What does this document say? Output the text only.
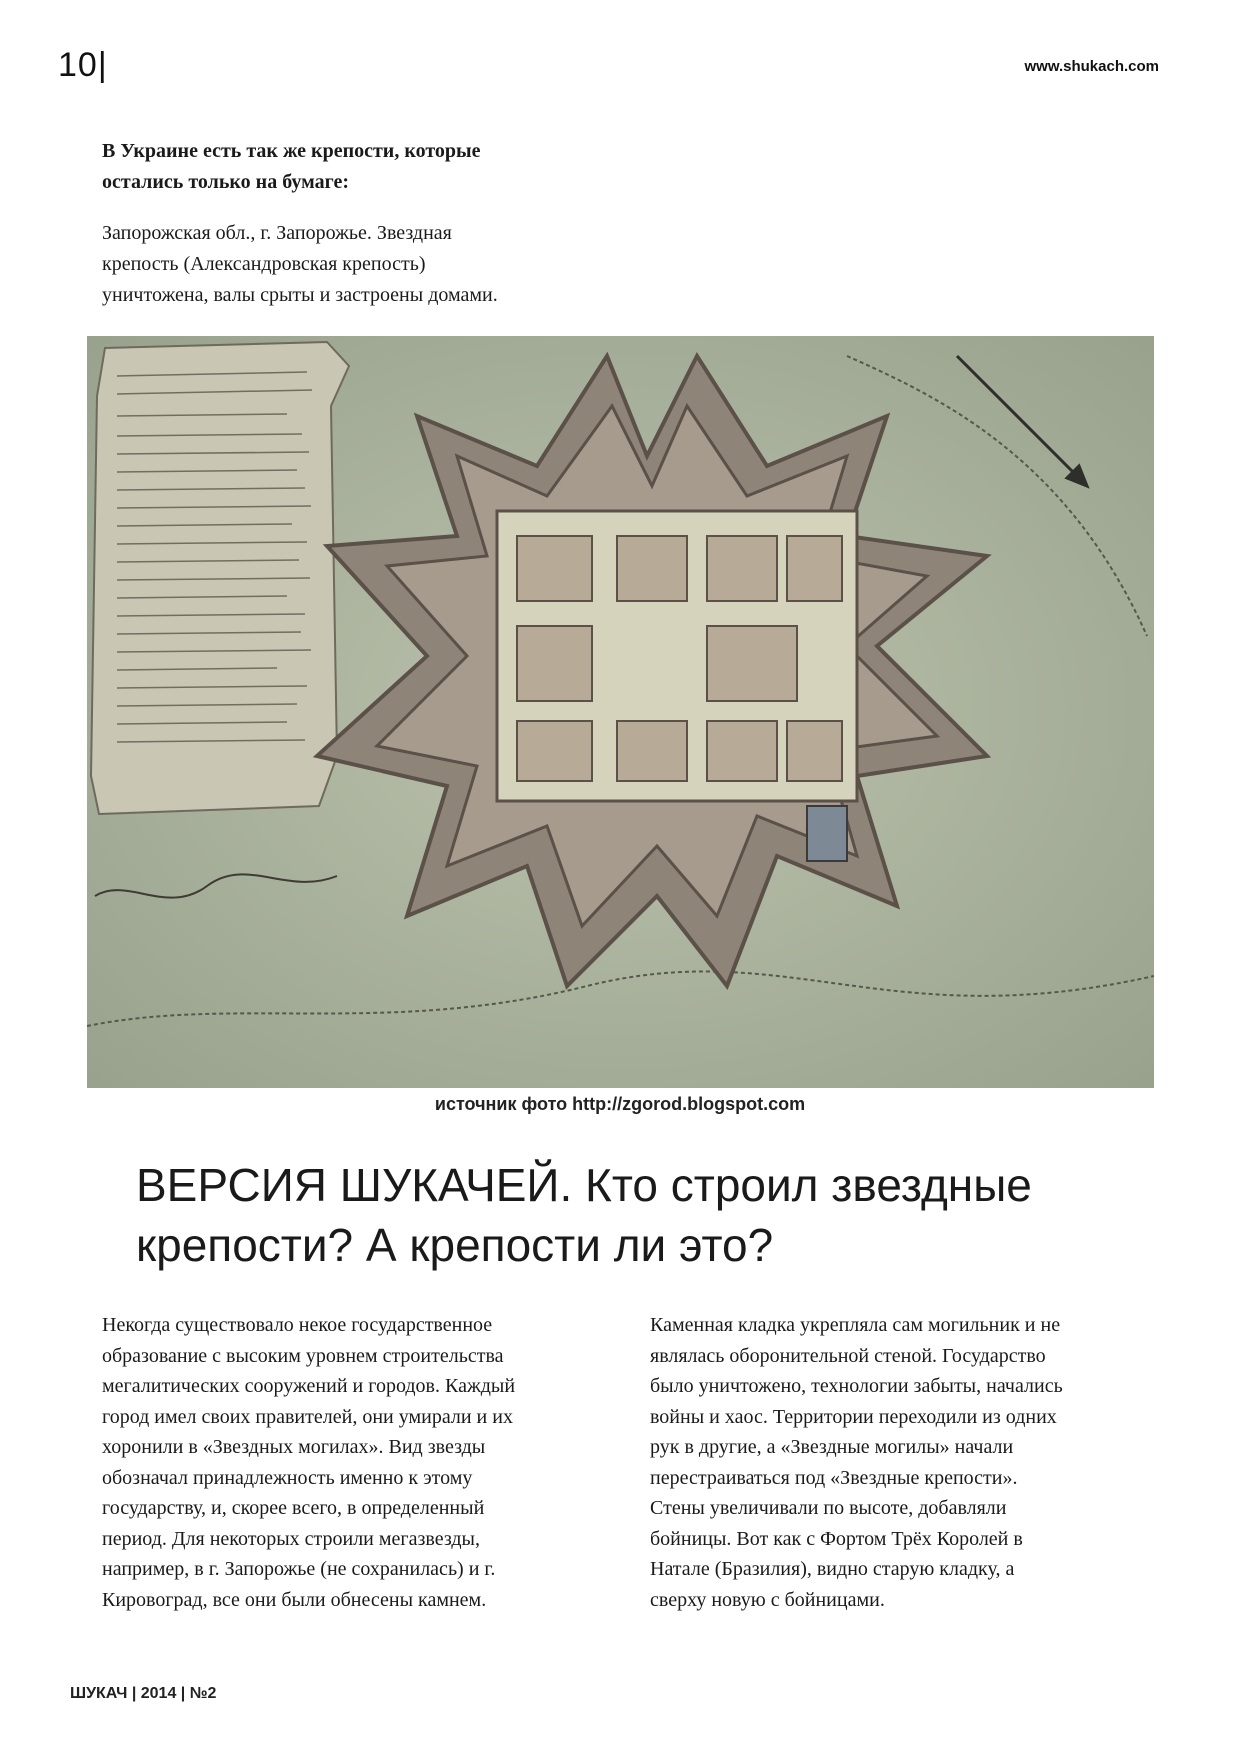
10|	www.shukach.com
В Украине есть так же крепости, которые
остались только на бумаге:
Запорожская обл., г. Запорожье. Звездная
крепость (Александровская крепость)
уничтожена, валы срыты и застроены домами.
источник фото http://zgorod.blogspot.com
ВЕРСИЯ ШУКАЧЕЙ. Кто строил звездные
крепости? А крепости ли это?
Некогда существовало некое государственное
образование с высоким уровнем строительства
мегалитических сооружений и городов. Каждый
город имел своих правителей, они умирали и их
хоронили в «Звездных могилах». Вид звезды
обозначал принадлежность именно к этому
государству, и, скорее всего, в определенный
период. Для некоторых строили мегазвезды,
например, в г. Запорожье (не сохранилась) и г.
Кировоград, все они были обнесены камнем.
Каменная кладка укрепляла сам могильник и не
являлась оборонительной стеной. Государство
было уничтожено, технологии забыты, начались
войны и хаос. Территории переходили из одних
рук в другие, а «Звездные могилы» начали
перестраиваться под «Звездные крепости».
Стены увеличивали по высоте, добавляли
бойницы. Вот как с Фортом Трёх Королей в
Натале (Бразилия), видно старую кладку, а
сверху новую с бойницами.
ШУКАЧ | 2014 | №2
